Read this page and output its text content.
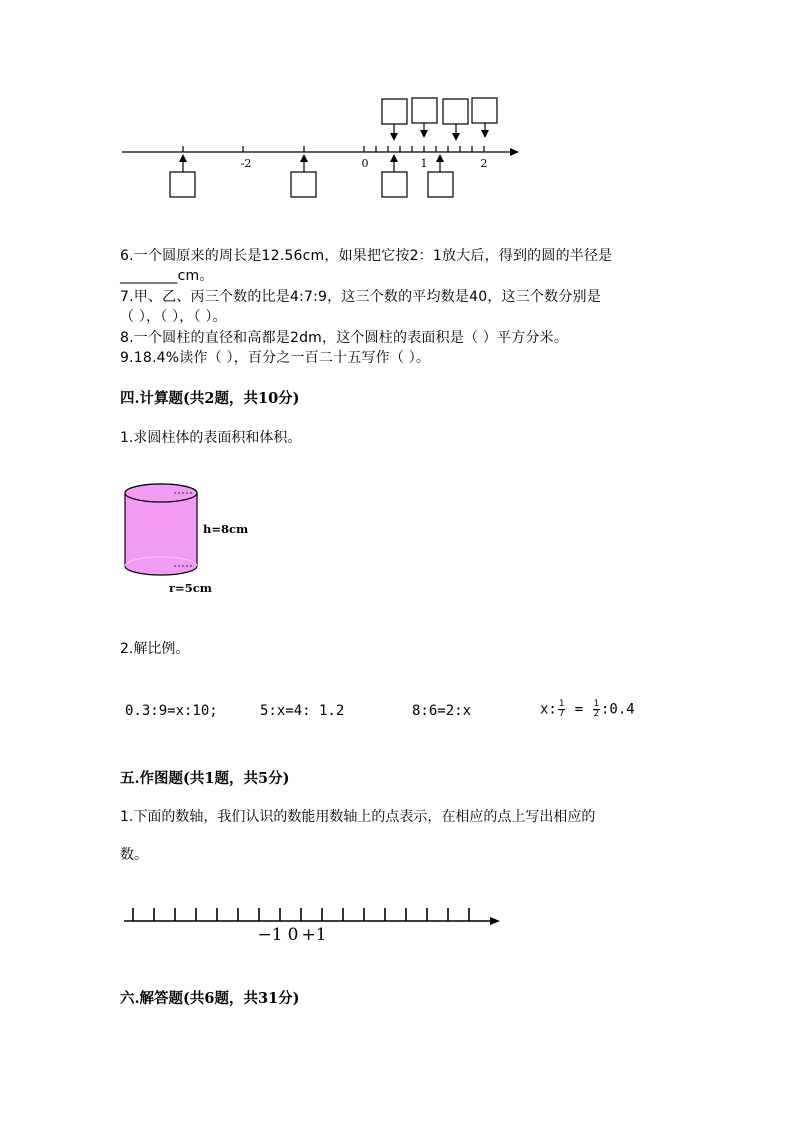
-2	0	1	2
6.一个圆原来的周长是12.56cm，如果把它按2：1放大后，得到的圆的半径是
________cm。
7.甲、乙、丙三个数的比是4:7:9，这三个数的平均数是40，这三个数分别是
（ ），（ ），（ ）。
8.一个圆柱的直径和高都是2dm，这个圆柱的表面积是（ ）平方分米。
9.18.4%读作（ ），百分之一百二十五写作（ ）。
四.计算题(共2题，共10分)
1.求圆柱体的表面积和体积。
h=8cm
r=5cm
2.解比例。
0.3:9=x:10;	5:x=4: 1.2	8:6=2:x	x: $\frac{1}{7} = \frac{1}{2}$ :0.4
五.作图题(共1题，共5分)
1.下面的数轴，我们认识的数能用数轴上的点表示，在相应的点上写出相应的
数。
−1 0 +1
六.解答题(共6题，共31分)
